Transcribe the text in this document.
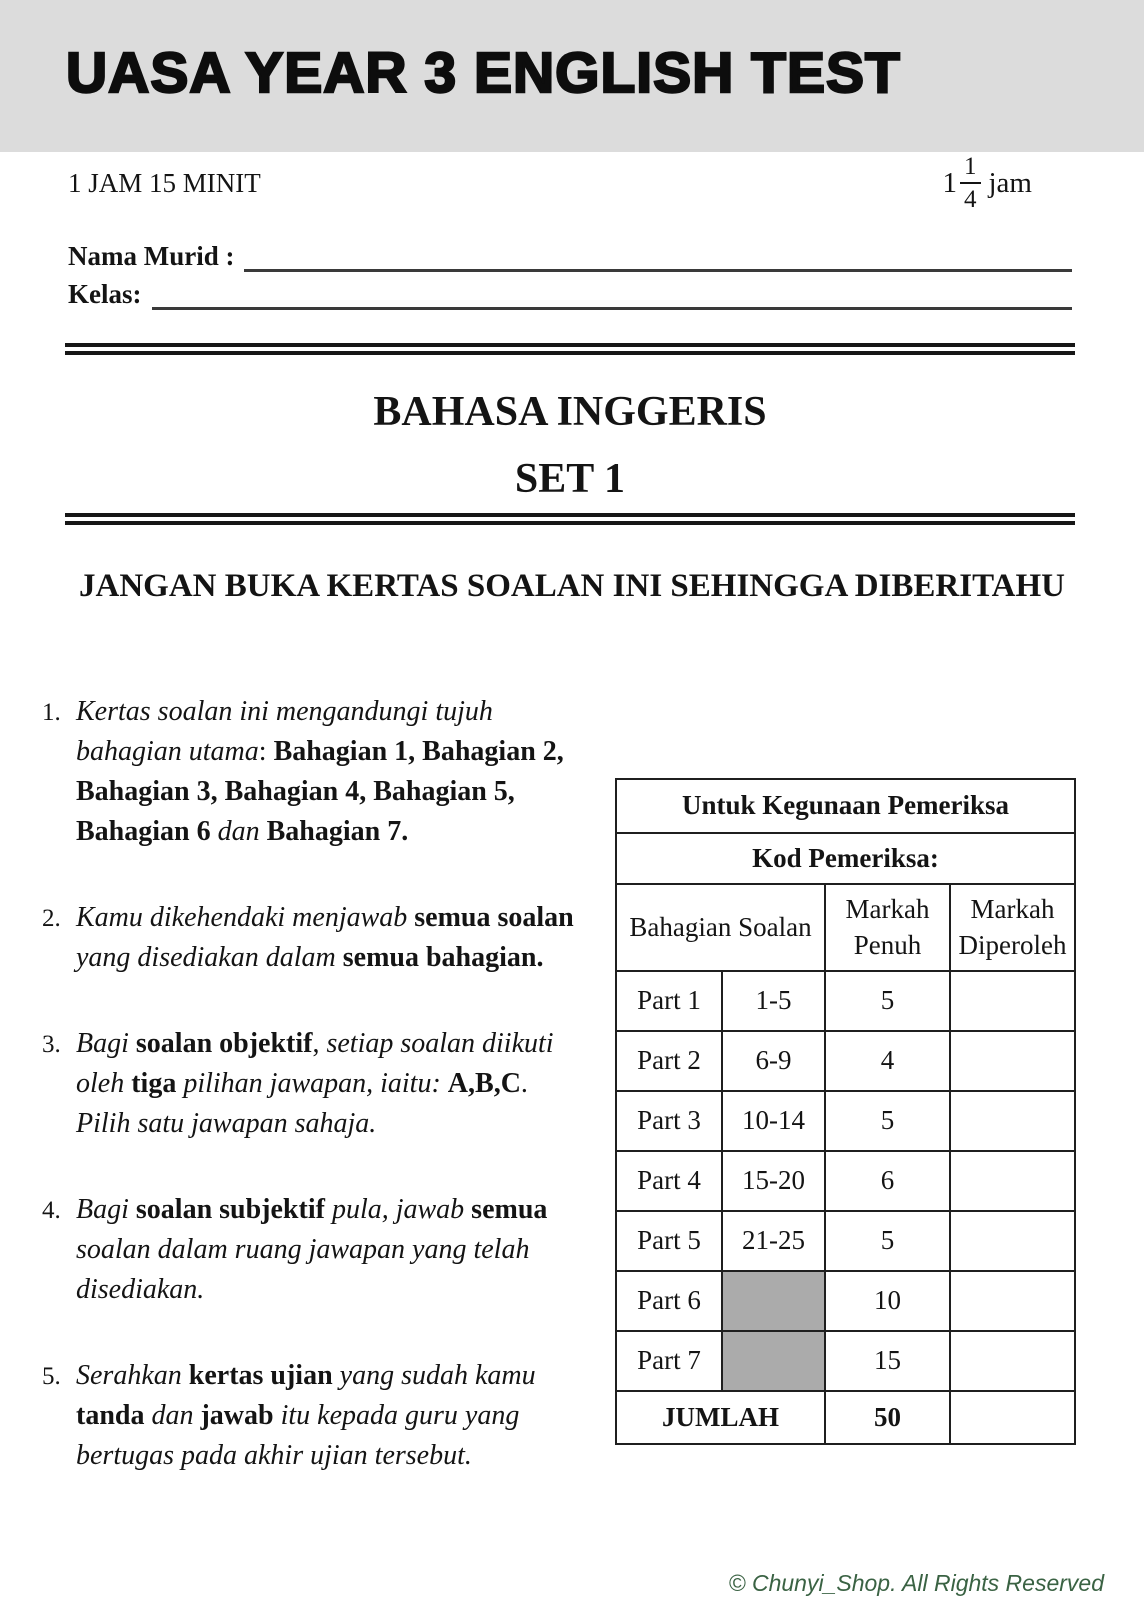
UASA YEAR 3 ENGLISH TEST
1 JAM 15 MINIT	$1 \frac{1}{4}$ jam
Nama Murid :
Kelas:
BAHASA INGGERIS
SET 1
JANGAN BUKA KERTAS SOALAN INI SEHINGGA DIBERITAHU
1. Kertas soalan ini mengandungi tujuh bahagian utama: Bahagian 1, Bahagian 2, Bahagian 3, Bahagian 4, Bahagian 5, Bahagian 6 dan Bahagian 7.
2. Kamu dikehendaki menjawab semua soalan yang disediakan dalam semua bahagian.
3. Bagi soalan objektif, setiap soalan diikuti oleh tiga pilihan jawapan, iaitu: A,B,C. Pilih satu jawapan sahaja.
4. Bagi soalan subjektif pula, jawab semua soalan dalam ruang jawapan yang telah disediakan.
5. Serahkan kertas ujian yang sudah kamu tanda dan jawab itu kepada guru yang bertugas pada akhir ujian tersebut.
Untuk Kegunaan Pemeriksa			
Kod Pemeriksa:			
Bahagian Soalan		Markah Penuh	Markah Diperoleh
Part 1	1-5	5	
Part 2	6-9	4	
Part 3	10-14	5	
Part 4	15-20	6	
Part 5	21-25	5	
Part 6		10	
Part 7		15	
JUMLAH		50	
© Chunyi_Shop. All Rights Reserved
